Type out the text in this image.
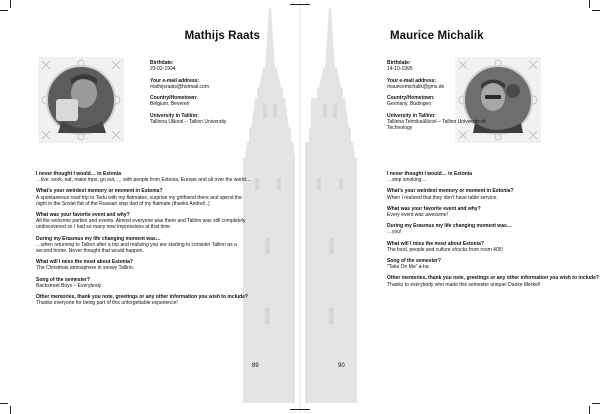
Mathijs Raats
Birthdate:
23-02-1994
Your e-mail address:
mathijsraats@hotmail.com
Country/Hometown:
Belgium, Beveren
University in Tallinn:
Tallinna Ülikool – Tallinn University
I never thought I would… in Estonia
…live, work, eat, make trips, go out, … with people from Estonia, Europe and all over the world…
What’s your weirdest memory or moment in Estonia?
A spontaneous road trip to Tartu with my flatmates, surprise my girlfriend there and spend the night in the Soviet flat of the Russian step dad of my flatmate (thanks Andrei!..)
What was your favorite event and why?
All the welcome parties and events. Almost everyone was there and Tallinn was still completely undiscovered so I had so many new impressions at that time.
During my Erasmus my life changing moment was…
…when returning to Tallinn after a trip and realizing you are starting to consider Tallinn as a second home. Never thought that would happen.
What will I miss the most about Estonia?
The Christmas atmosphere in snowy Tallinn.
Song of the semester?
Backstreet Boys – Everybody
Other memories, thank you note, greetings or any other information you wish to include?
Thanks everyone for being part of this unforgettable experience!
89
Maurice Michalik
Birthdate:
14-10-1995
Your e-mail address:
mauricemichalik@gmx.de
Country/Hometown:
Germany, Büdingen
University in Tallinn:
Tallinna Tehnikaülikool – Tallinn University of Technology
I never thought I would… in Estonia
…stop smoking…
What’s your weirdest memory or moment in Estonia?
When I realized that they don’t have table service.
What was your favorite event and why?
Every event was awesome!
During my Erasmus my life changing moment was…
…you!
What will I miss the most about Estonia?
The food, people and culture shocks from room 405!
Song of the semester?
“Take On Me” a-ha
Other memories, thank you note, greetings or any other information you wish to include?
Thanks to everybody who made this semester unique! Danke Merkel!
90
